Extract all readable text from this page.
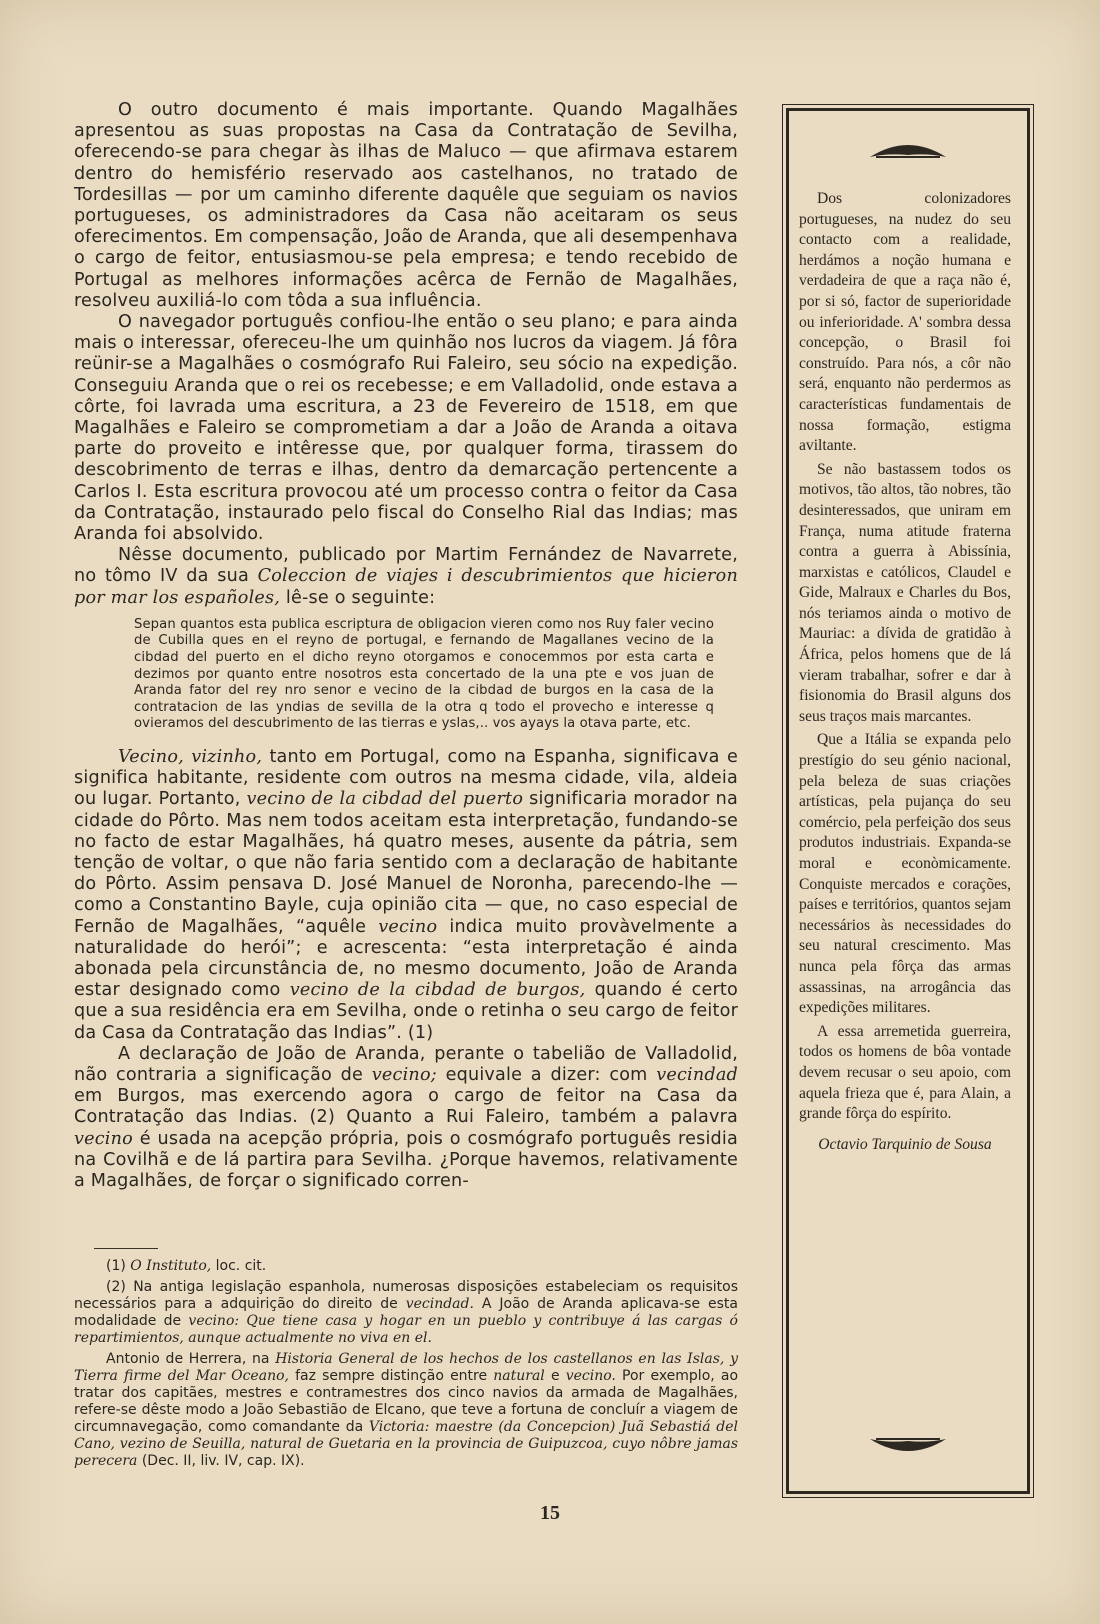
O outro documento é mais importante. Quando Magalhães apresentou as suas propostas na Casa da Contratação de Sevilha, oferecendo-se para chegar às ilhas de Maluco — que afirmava estarem dentro do hemisfério reservado aos castelhanos, no tratado de Tordesillas — por um caminho diferente daquêle que seguiam os navios portugueses, os administradores da Casa não aceitaram os seus oferecimentos. Em compensação, João de Aranda, que ali desempenhava o cargo de feitor, entusiasmou-se pela empresa; e tendo recebido de Portugal as melhores informações acêrca de Fernão de Magalhães, resolveu auxiliá-lo com tôda a sua influência.

O navegador português confiou-lhe então o seu plano; e para ainda mais o interessar, ofereceu-lhe um quinhão nos lucros da viagem. Já fôra reünir-se a Magalhães o cosmógrafo Rui Faleiro, seu sócio na expedição. Conseguiu Aranda que o rei os recebesse; e em Valladolid, onde estava a côrte, foi lavrada uma escritura, a 23 de Fevereiro de 1518, em que Magalhães e Faleiro se comprometiam a dar a João de Aranda a oitava parte do proveito e intêresse que, por qualquer forma, tirassem do descobrimento de terras e ilhas, dentro da demarcação pertencente a Carlos I. Esta escritura provocou até um processo contra o feitor da Casa da Contratação, instaurado pelo fiscal do Conselho Rial das Indias; mas Aranda foi absolvido.

Nêsse documento, publicado por Martim Fernández de Navarrete, no tômo IV da sua Coleccion de viajes i descubrimientos que hicieron por mar los españoles, lê-se o seguinte:

Sepan quantos esta publica escriptura de obligacion vieren como nos Ruy faler vecino de Cubilla ques en el reyno de portugal, e fernando de Magallanes vecino de la cibdad del puerto en el dicho reyno otorgamos e conocemmos por esta carta e dezimos por quanto entre nosotros esta concertado de la una pte e vos juan de Aranda fator del rey nro senor e vecino de la cibdad de burgos en la casa de la contratacion de las yndias de sevilla de la otra q todo el provecho e interesse q ovieramos del descubrimento de las tierras e yslas,.. vos ayays la otava parte, etc.

Vecino, vizinho, tanto em Portugal, como na Espanha, significava e significa habitante, residente com outros na mesma cidade, vila, aldeia ou lugar. Portanto, vecino de la cibdad del puerto significaria morador na cidade do Pôrto. Mas nem todos aceitam esta interpretação, fundando-se no facto de estar Magalhães, há quatro meses, ausente da pátria, sem tenção de voltar, o que não faria sentido com a declaração de habitante do Pôrto. Assim pensava D. José Manuel de Noronha, parecendo-lhe — como a Constantino Bayle, cuja opinião cita — que, no caso especial de Fernão de Magalhães, “aquêle vecino indica muito provàvelmente a naturalidade do herói”; e acrescenta: “esta interpretação é ainda abonada pela circunstância de, no mesmo documento, João de Aranda estar designado como vecino de la cibdad de burgos, quando é certo que a sua residência era em Sevilha, onde o retinha o seu cargo de feitor da Casa da Contratação das Indias”. (1)

A declaração de João de Aranda, perante o tabelião de Valladolid, não contraria a significação de vecino; equivale a dizer: com vecindad em Burgos, mas exercendo agora o cargo de feitor na Casa da Contratação das Indias. (2) Quanto a Rui Faleiro, também a palavra vecino é usada na acepção própria, pois o cosmógrafo português residia na Covilhã e de lá partira para Sevilha. ¿Porque havemos, relativamente a Magalhães, de forçar o significado corren-

(1) O Instituto, loc. cit.

(2) Na antiga legislação espanhola, numerosas disposições estabeleciam os requisitos necessários para a adquirição do direito de vecindad. A João de Aranda aplicava-se esta modalidade de vecino: Que tiene casa y hogar en un pueblo y contribuye á las cargas ó repartimientos, aunque actualmente no viva en el.

Antonio de Herrera, na Historia General de los hechos de los castellanos en las Islas, y Tierra firme del Mar Oceano, faz sempre distinção entre natural e vecino. Por exemplo, ao tratar dos capitães, mestres e contramestres dos cinco navios da armada de Magalhães, refere-se dêste modo a João Sebastião de Elcano, que teve a fortuna de concluír a viagem de circumnavegação, como comandante da Victoria: maestre (da Concepcion) Juã Sebastiá del Cano, vezino de Seuilla, natural de Guetaria en la provincia de Guipuzcoa, cuyo nôbre jamas perecera (Dec. II, liv. IV, cap. IX).

Dos colonizadores portugueses, na nudez do seu contacto com a realidade, herdámos a noção humana e verdadeira de que a raça não é, por si só, factor de superioridade ou inferioridade. A' sombra dessa concepção, o Brasil foi construído. Para nós, a côr não será, enquanto não perdermos as características fundamentais de nossa formação, estigma aviltante.

Se não bastassem todos os motivos, tão altos, tão nobres, tão desinteressados, que uniram em França, numa atitude fraterna contra a guerra à Abissínia, marxistas e católicos, Claudel e Gide, Malraux e Charles du Bos, nós teriamos ainda o motivo de Mauriac: a dívida de gratidão à África, pelos homens que de lá vieram trabalhar, sofrer e dar à fisionomia do Brasil alguns dos seus traços mais marcantes.

Que a Itália se expanda pelo prestígio do seu génio nacional, pela beleza de suas criações artísticas, pela pujança do seu comércio, pela perfeição dos seus produtos industriais. Expanda-se moral e econòmicamente. Conquiste mercados e corações, países e territórios, quantos sejam necessários às necessidades do seu natural crescimento. Mas nunca pela fôrça das armas assassinas, na arrogância das expedições militares.

A essa arremetida guerreira, todos os homens de bôa vontade devem recusar o seu apoio, com aquela frieza que é, para Alain, a grande fôrça do espírito.

Octavio Tarquinio de Sousa

15
